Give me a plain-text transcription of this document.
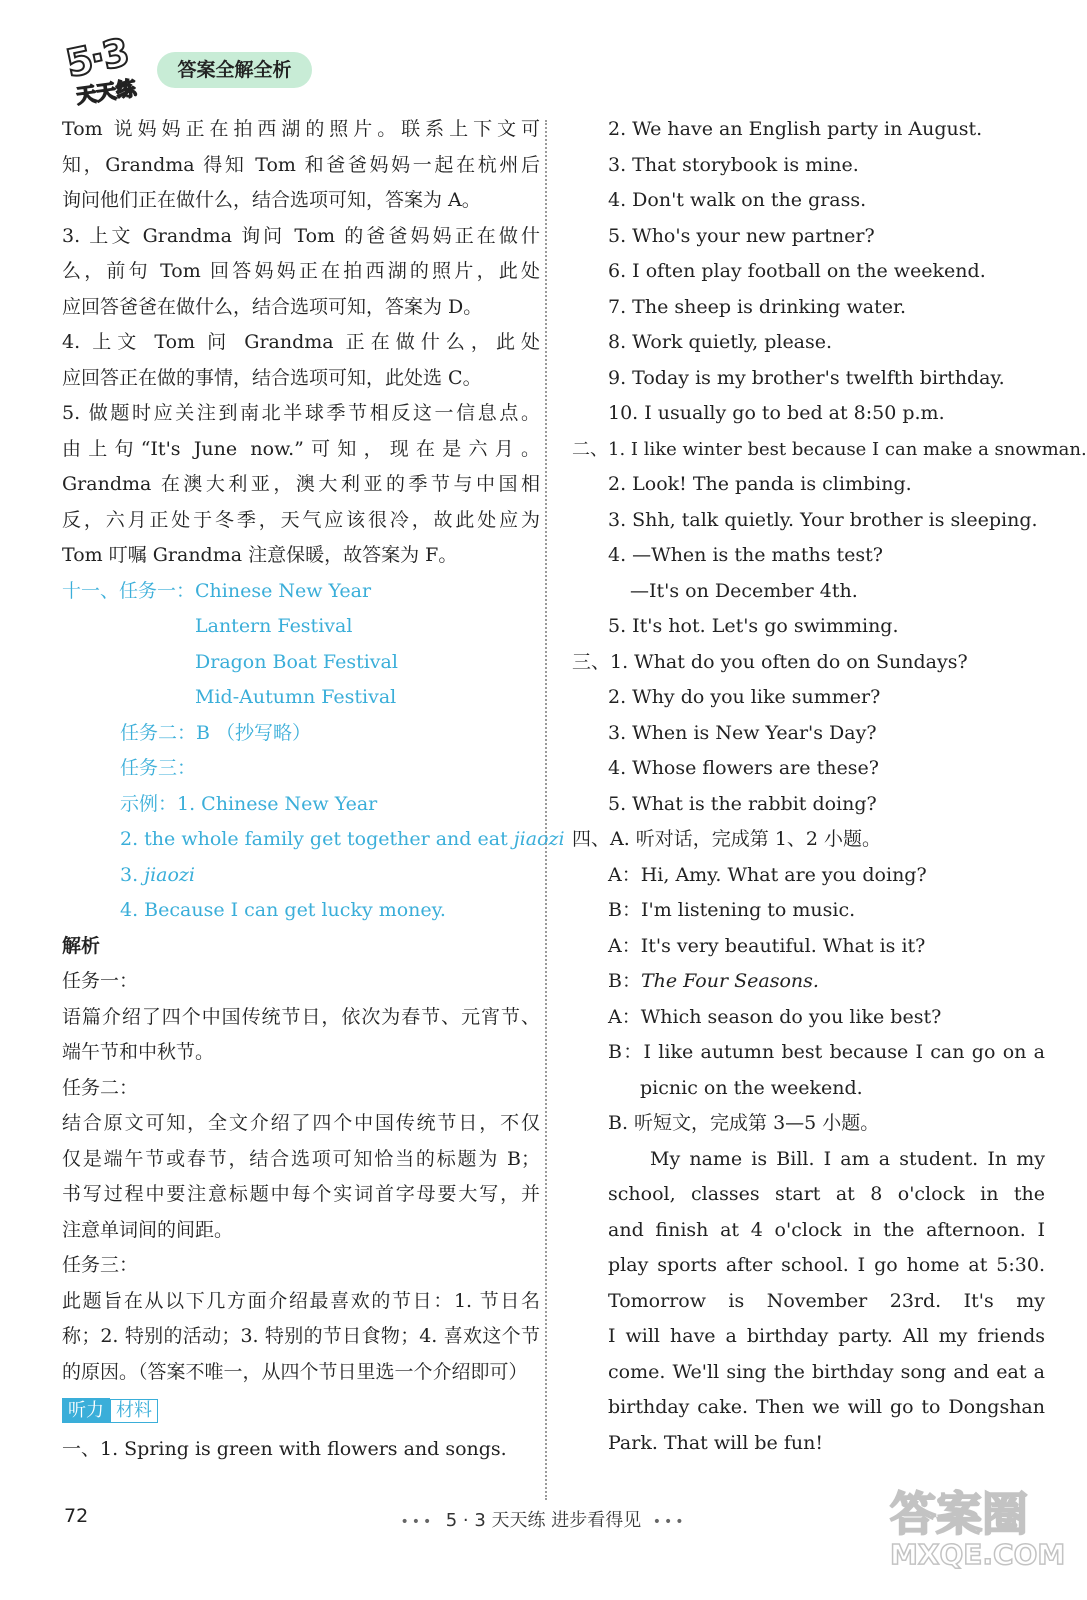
5·3
天天练
答案全解全析
Tom 说妈妈正在拍西湖的照片。联系上下文可
知，Grandma 得知 Tom 和爸爸妈妈一起在杭州后
询问他们正在做什么，结合选项可知，答案为 A。
3. 上文 Grandma 询问 Tom 的爸爸妈妈正在做什
么，前句 Tom 回答妈妈正在拍西湖的照片，此处
应回答爸爸在做什么，结合选项可知，答案为 D。
4. 上文 Tom 问 Grandma 正在做什么，此处
应回答正在做的事情，结合选项可知，此处选 C。
5. 做题时应关注到南北半球季节相反这一信息点。
由上句“It's June now.”可知，现在是六月。
Grandma 在澳大利亚，澳大利亚的季节与中国相
反，六月正处于冬季，天气应该很冷，故此处应为
Tom 叮嘱 Grandma 注意保暖，故答案为 F。
十一、任务一：Chinese New Year
Lantern Festival
Dragon Boat Festival
Mid-Autumn Festival
任务二：B （抄写略）
任务三：
示例：1. Chinese New Year
2. the whole family get together and eat jiaozi
3. jiaozi
4. Because I can get lucky money.
解析
任务一：
语篇介绍了四个中国传统节日，依次为春节、元宵节、
端午节和中秋节。
任务二：
结合原文可知，全文介绍了四个中国传统节日，不仅
仅是端午节或春节，结合选项可知恰当的标题为 B；
书写过程中要注意标题中每个实词首字母要大写，并
注意单词间的间距。
任务三：
此题旨在从以下几方面介绍最喜欢的节日：1. 节日名
称；2. 特别的活动；3. 特别的节日食物；4. 喜欢这个节
的原因。（答案不唯一，从四个节日里选一个介绍即可）
听力 材料
一、1. Spring is green with flowers and songs.
2. We have an English party in August.
3. That storybook is mine.
4. Don't walk on the grass.
5. Who's your new partner?
6. I often play football on the weekend.
7. The sheep is drinking water.
8. Work quietly, please.
9. Today is my brother's twelfth birthday.
10. I usually go to bed at 8:50 p.m.
二、1. I like winter best because I can make a snowman.
2. Look! The panda is climbing.
3. Shh, talk quietly. Your brother is sleeping.
4. —When is the maths test?
—It's on December 4th.
5. It's hot. Let's go swimming.
三、1. What do you often do on Sundays?
2. Why do you like summer?
3. When is New Year's Day?
4. Whose flowers are these?
5. What is the rabbit doing?
四、A. 听对话，完成第 1、2 小题。
A：Hi, Amy. What are you doing?
B：I'm listening to music.
A：It's very beautiful. What is it?
B：The Four Seasons.
A：Which season do you like best?
B：I like autumn best because I can go on a
picnic on the weekend.
B. 听短文，完成第 3—5 小题。
My name is Bill. I am a student. In my
school, classes start at 8 o'clock in the
and finish at 4 o'clock in the afternoon. I
play sports after school. I go home at 5:30.
Tomorrow is November 23rd. It's my
I will have a birthday party. All my friends
come. We'll sing the birthday song and eat a
birthday cake. Then we will go to Dongshan
Park. That will be fun!
72	••• 5 · 3 天天练 进步看得见 •••	答案圈
MXQE.COM
